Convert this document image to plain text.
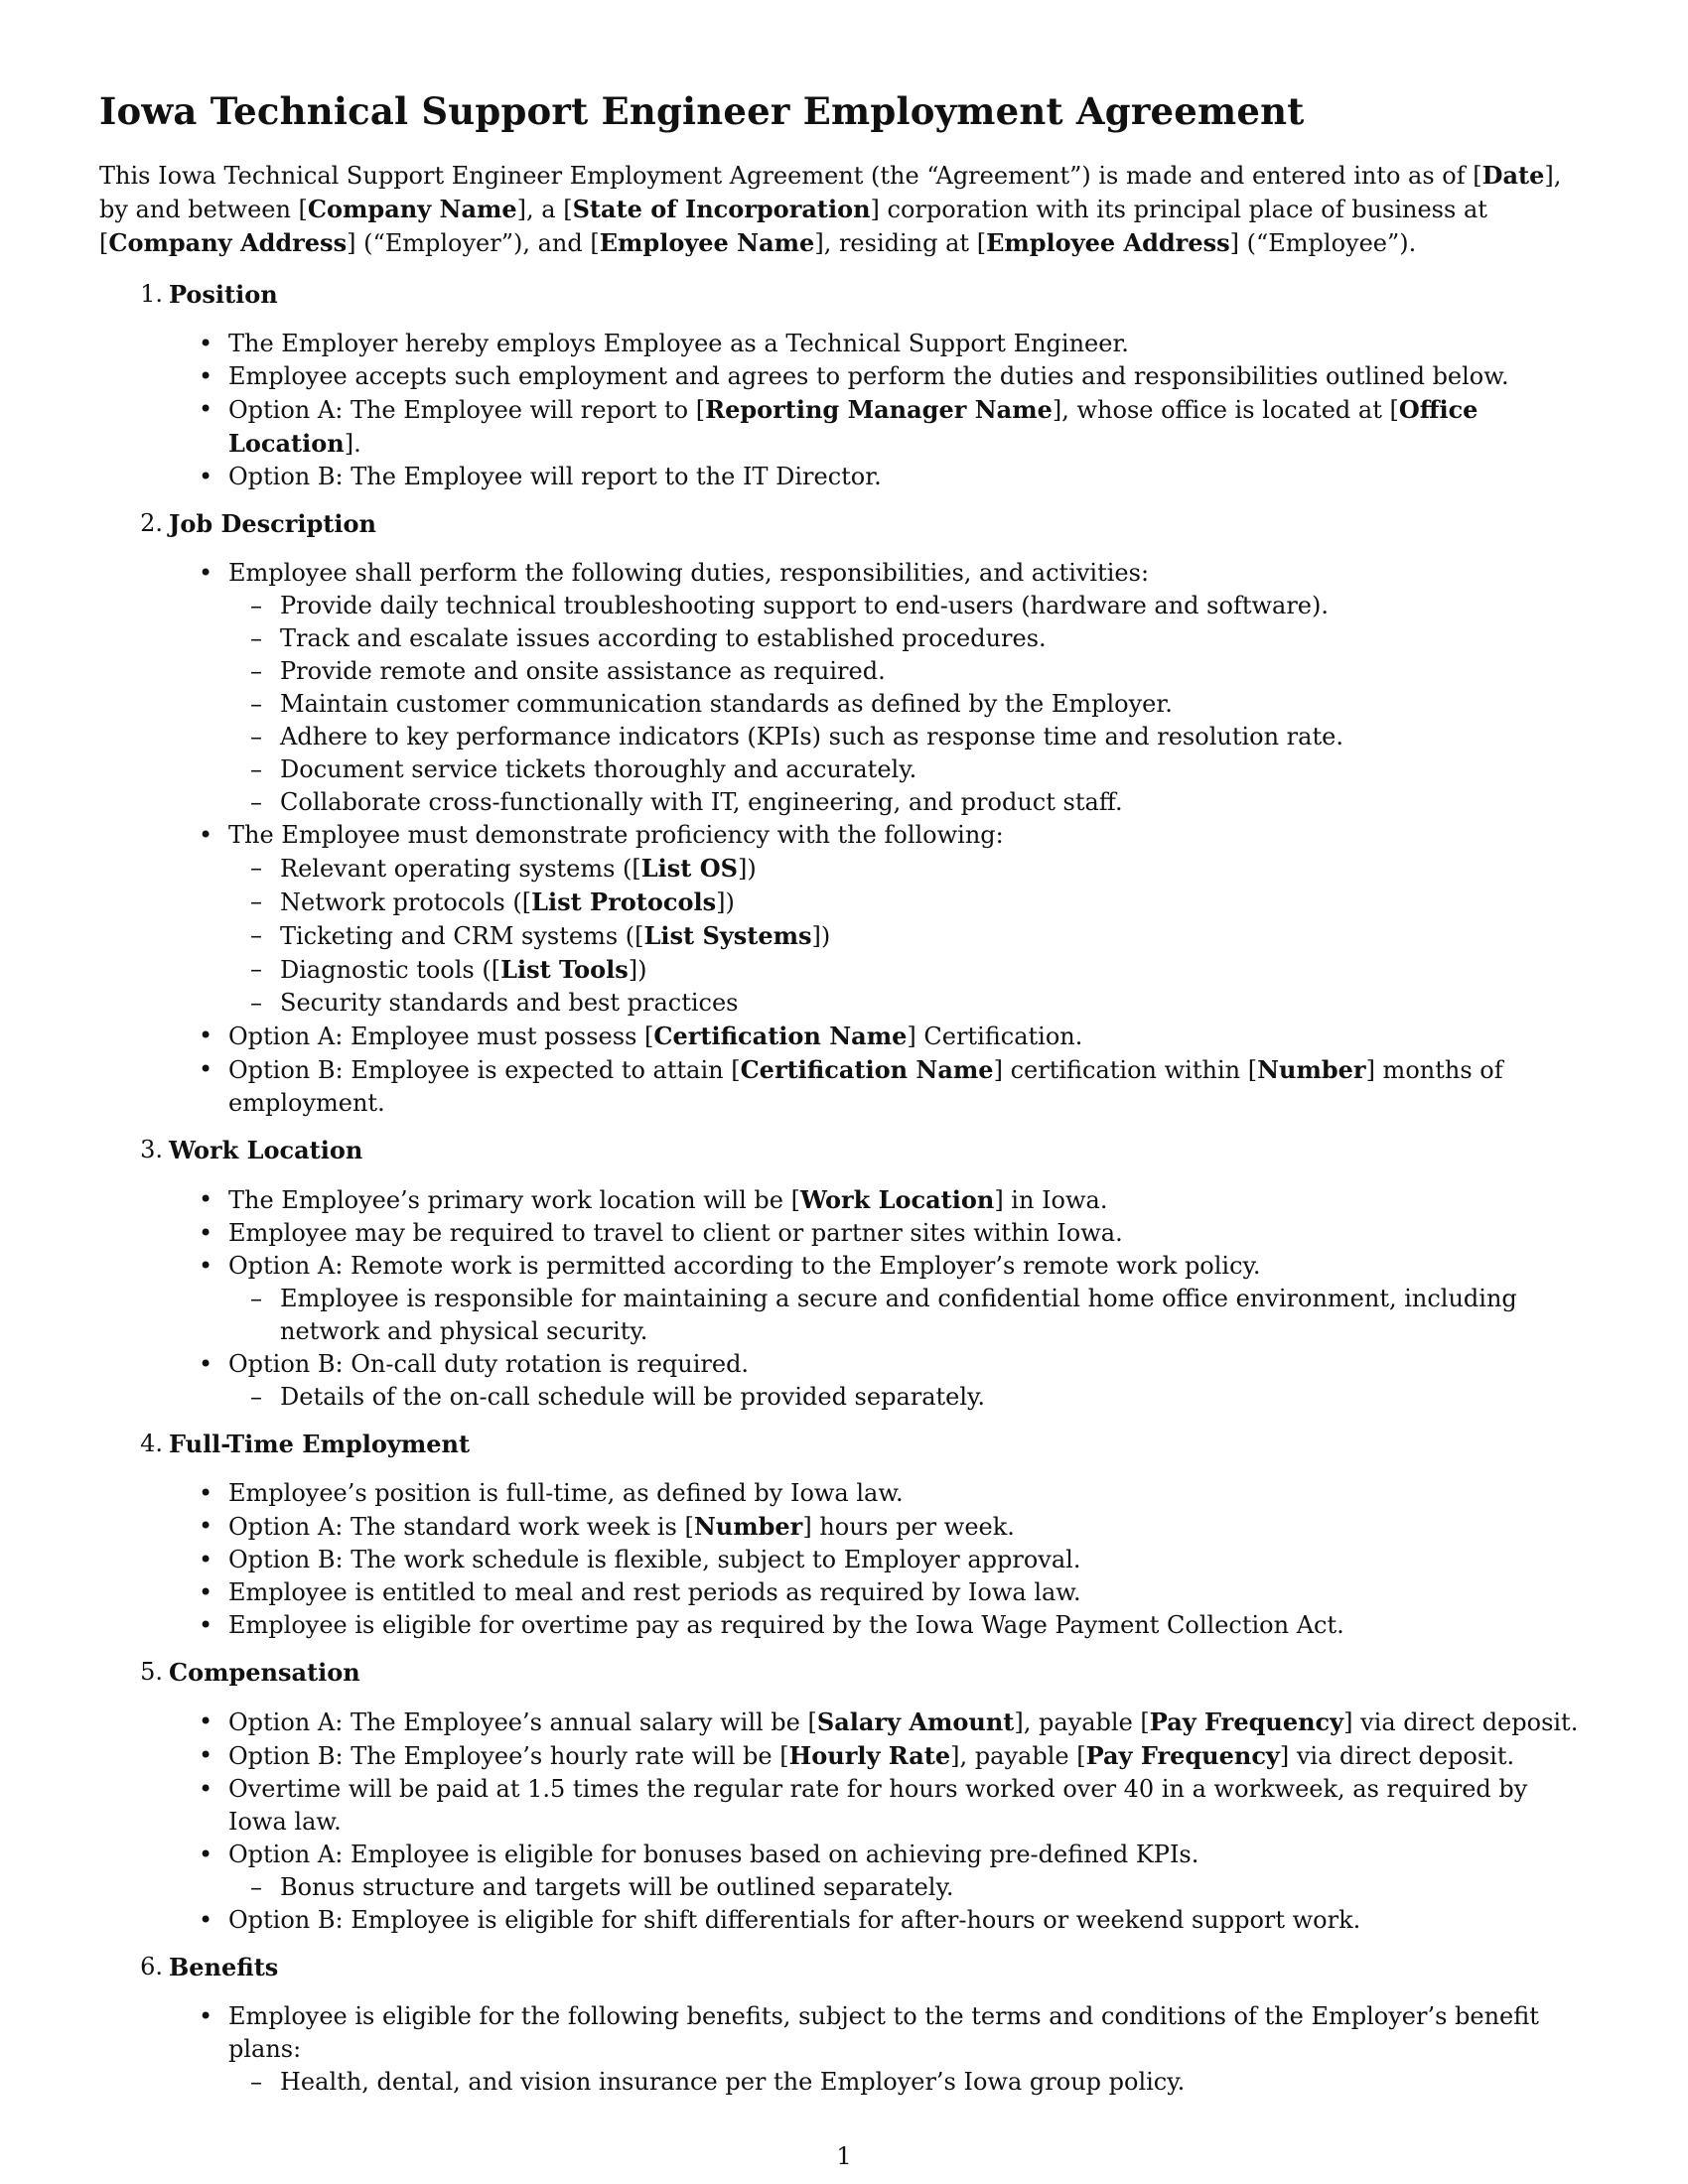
Iowa Technical Support Engineer Employment Agreement

This Iowa Technical Support Engineer Employment Agreement (the “Agreement”) is made and entered into as of [Date], by and between [Company Name], a [State of Incorporation] corporation with its principal place of business at [Company Address] (“Employer”), and [Employee Name], residing at [Employee Address] (“Employee”).

1. Position
• The Employer hereby employs Employee as a Technical Support Engineer.
• Employee accepts such employment and agrees to perform the duties and responsibilities outlined below.
• Option A: The Employee will report to [Reporting Manager Name], whose office is located at [Office Location].
• Option B: The Employee will report to the IT Director.
2. Job Description
• Employee shall perform the following duties, responsibilities, and activities:
– Provide daily technical troubleshooting support to end-users (hardware and software).
– Track and escalate issues according to established procedures.
– Provide remote and onsite assistance as required.
– Maintain customer communication standards as defined by the Employer.
– Adhere to key performance indicators (KPIs) such as response time and resolution rate.
– Document service tickets thoroughly and accurately.
– Collaborate cross-functionally with IT, engineering, and product staff.
• The Employee must demonstrate proficiency with the following:
– Relevant operating systems ([List OS])
– Network protocols ([List Protocols])
– Ticketing and CRM systems ([List Systems])
– Diagnostic tools ([List Tools])
– Security standards and best practices
• Option A: Employee must possess [Certification Name] Certification.
• Option B: Employee is expected to attain [Certification Name] certification within [Number] months of employment.
3. Work Location
• The Employee’s primary work location will be [Work Location] in Iowa.
• Employee may be required to travel to client or partner sites within Iowa.
• Option A: Remote work is permitted according to the Employer’s remote work policy.
– Employee is responsible for maintaining a secure and confidential home office environment, including network and physical security.
• Option B: On-call duty rotation is required.
– Details of the on-call schedule will be provided separately.
4. Full-Time Employment
• Employee’s position is full-time, as defined by Iowa law.
• Option A: The standard work week is [Number] hours per week.
• Option B: The work schedule is flexible, subject to Employer approval.
• Employee is entitled to meal and rest periods as required by Iowa law.
• Employee is eligible for overtime pay as required by the Iowa Wage Payment Collection Act.
5. Compensation
• Option A: The Employee’s annual salary will be [Salary Amount], payable [Pay Frequency] via direct deposit.
• Option B: The Employee’s hourly rate will be [Hourly Rate], payable [Pay Frequency] via direct deposit.
• Overtime will be paid at 1.5 times the regular rate for hours worked over 40 in a workweek, as required by Iowa law.
• Option A: Employee is eligible for bonuses based on achieving pre-defined KPIs.
– Bonus structure and targets will be outlined separately.
• Option B: Employee is eligible for shift differentials for after-hours or weekend support work.
6. Benefits
• Employee is eligible for the following benefits, subject to the terms and conditions of the Employer’s benefit plans:
– Health, dental, and vision insurance per the Employer’s Iowa group policy.
1
